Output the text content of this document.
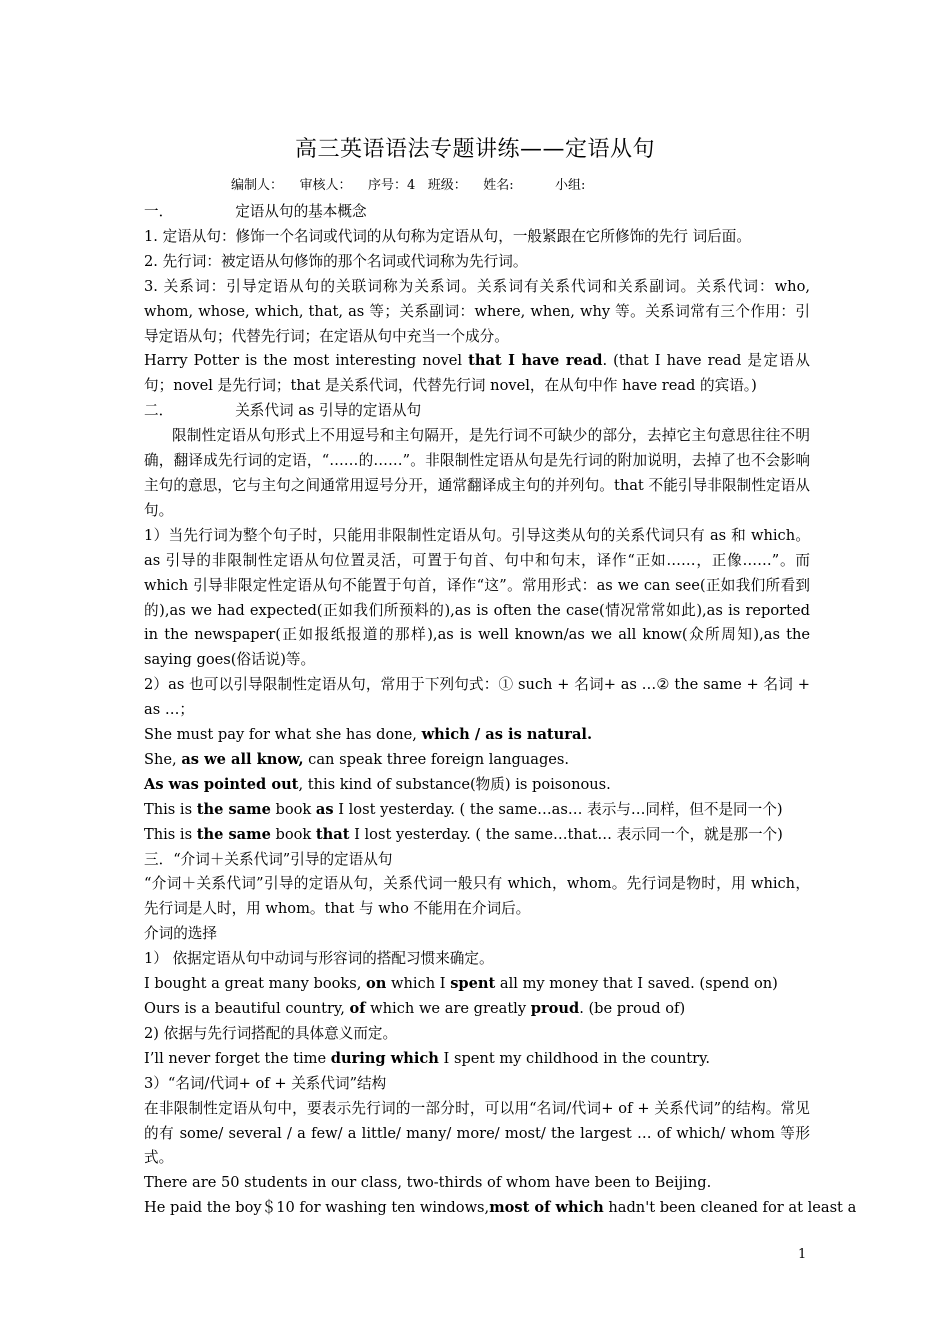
高三英语语法专题讲练——定语从句
编制人：    审核人：    序号：4   班级：    姓名:          小组:

一．	定语从句的基本概念

1. 定语从句：修饰一个名词或代词的从句称为定语从句，一般紧跟在它所修饰的先行 词后面。

2. 先行词：被定语从句修饰的那个名词或代词称为先行词。

3. 关系词：引导定语从句的关联词称为关系词。关系词有关系代词和关系副词。关系代词：who, whom, whose, which, that, as 等；关系副词：where, when, why 等。关系词常有三个作用：引导定语从句；代替先行词；在定语从句中充当一个成分。

Harry Potter is the most interesting novel that I have read. (that I have read 是定语从句；novel 是先行词；that 是关系代词，代替先行词 novel，在从句中作 have read 的宾语。)

二．	关系代词 as 引导的定语从句

限制性定语从句形式上不用逗号和主句隔开，是先行词不可缺少的部分，去掉它主句意思往往不明确，翻译成先行词的定语，“……的……”。非限制性定语从句是先行词的附加说明，去掉了也不会影响主句的意思，它与主句之间通常用逗号分开，通常翻译成主句的并列句。that 不能引导非限制性定语从句。

1）当先行词为整个句子时，只能用非限制性定语从句。引导这类从句的关系代词只有 as 和 which。as 引导的非限制性定语从句位置灵活，可置于句首、句中和句末，译作“正如……，正像……”。而 which 引导非限定性定语从句不能置于句首，译作“这”。常用形式：as we can see(正如我们所看到的),as we had expected(正如我们所预料的),as is often the case(情况常常如此),as is reported in the newspaper(正如报纸报道的那样),as is well known/as we all know(众所周知),as the saying goes(俗话说)等。

2）as 也可以引导限制性定语从句，常用于下列句式：① such + 名词+ as …② the same + 名词 + as …；

She must pay for what she has done, which / as is natural.

She, as we all know, can speak three foreign languages.

As was pointed out, this kind of substance(物质) is poisonous.

This is the same book as I lost yesterday. ( the same…as… 表示与…同样，但不是同一个)

This is the same book that I lost yesterday. ( the same…that… 表示同一个，就是那一个)

三．“介词＋关系代词”引导的定语从句

“介词＋关系代词”引导的定语从句，关系代词一般只有 which，whom。先行词是物时，用 which，先行词是人时，用 whom。that 与 who 不能用在介词后。

介词的选择

1） 依据定语从句中动词与形容词的搭配习惯来确定。

I bought a great many books, on which I spent all my money that I saved. (spend on)

Ours is a beautiful country, of which we are greatly proud. (be proud of)

2) 依据与先行词搭配的具体意义而定。

I’ll never forget the time during which I spent my childhood in the country.

3）“名词/代词+ of + 关系代词”结构

在非限制性定语从句中，要表示先行词的一部分时，可以用“名词/代词+ of + 关系代词”的结构。常见的有 some/ several / a few/ a little/ many/ more/ most/ the largest … of which/ whom 等形式。

There are 50 students in our class, two-thirds of whom have been to Beijing.

He paid the boy＄10 for washing ten windows,most of which hadn't been cleaned for at least a

1
